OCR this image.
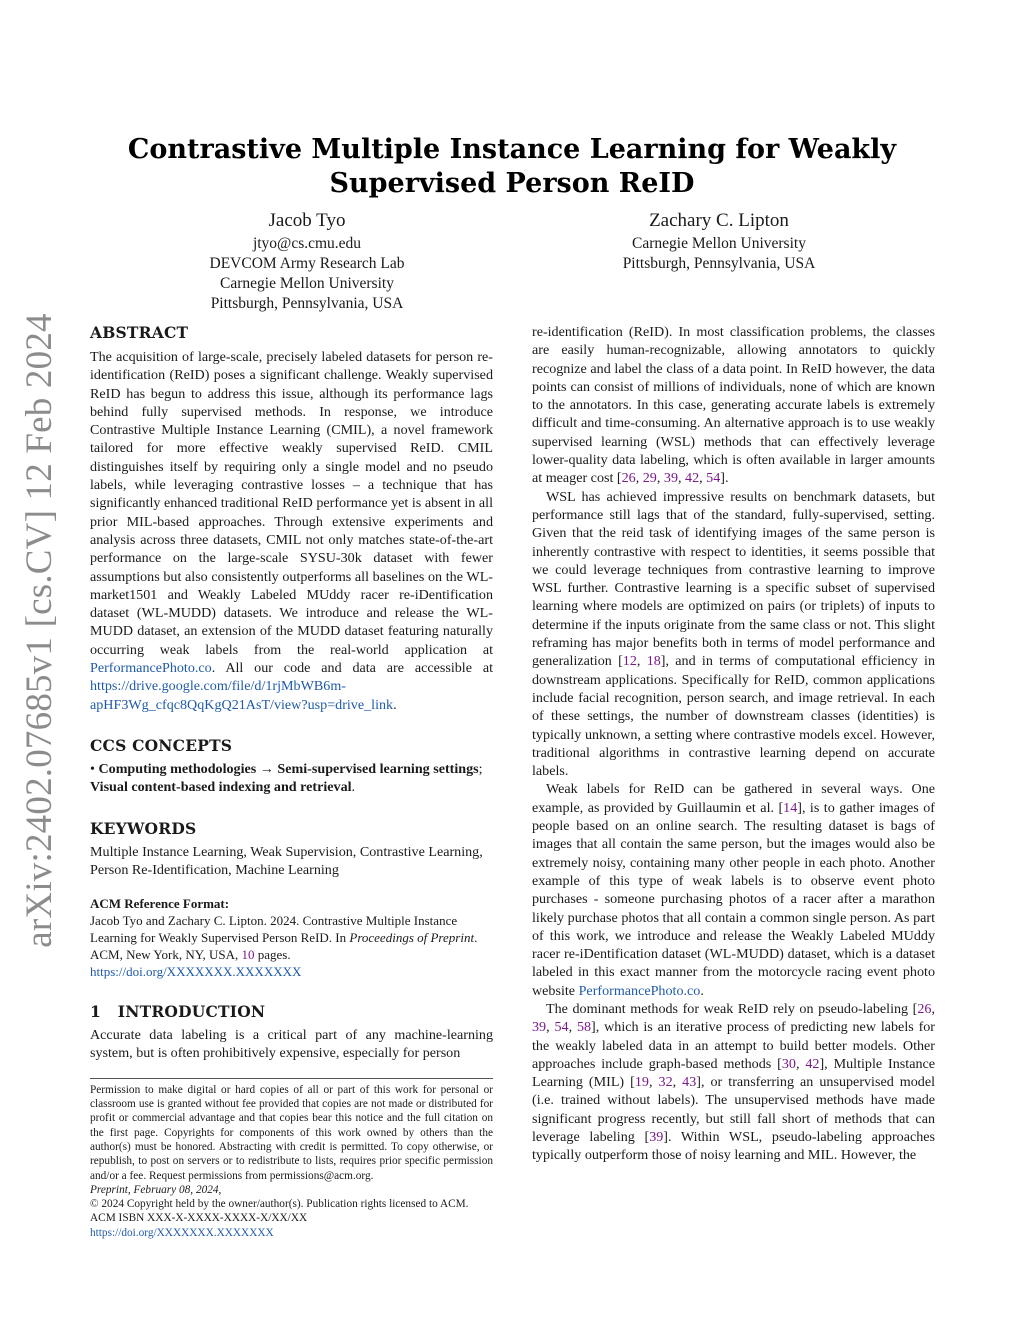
arXiv:2402.07685v1 [cs.CV] 12 Feb 2024
Contrastive Multiple Instance Learning for Weakly Supervised Person ReID
Jacob Tyo
jtyo@cs.cmu.edu
DEVCOM Army Research Lab
Carnegie Mellon University
Pittsburgh, Pennsylvania, USA
Zachary C. Lipton
Carnegie Mellon University
Pittsburgh, Pennsylvania, USA
ABSTRACT

The acquisition of large-scale, precisely labeled datasets for person re-identification (ReID) poses a significant challenge. Weakly supervised ReID has begun to address this issue, although its performance lags behind fully supervised methods. In response, we introduce Contrastive Multiple Instance Learning (CMIL), a novel framework tailored for more effective weakly supervised ReID. CMIL distinguishes itself by requiring only a single model and no pseudo labels, while leveraging contrastive losses – a technique that has significantly enhanced traditional ReID performance yet is absent in all prior MIL-based approaches. Through extensive experiments and analysis across three datasets, CMIL not only matches state-of-the-art performance on the large-scale SYSU-30k dataset with fewer assumptions but also consistently outperforms all baselines on the WL-market1501 and Weakly Labeled MUddy racer re-iDentification dataset (WL-MUDD) datasets. We introduce and release the WL-MUDD dataset, an extension of the MUDD dataset featuring naturally occurring weak labels from the real-world application at PerformancePhoto.co. All our code and data are accessible at https://drive.google.com/file/d/1rjMbWB6m-apHF3Wg_cfqc8QqKgQ21AsT/view?usp=drive_link.

CCS CONCEPTS

• Computing methodologies → Semi-supervised learning settings; Visual content-based indexing and retrieval.

KEYWORDS

Multiple Instance Learning, Weak Supervision, Contrastive Learning, Person Re-Identification, Machine Learning

ACM Reference Format:

Jacob Tyo and Zachary C. Lipton. 2024. Contrastive Multiple Instance Learning for Weakly Supervised Person ReID. In Proceedings of Preprint. ACM, New York, NY, USA, 10 pages. https://doi.org/XXXXXXX.XXXXXXX

1   INTRODUCTION

Accurate data labeling is a critical part of any machine-learning system, but is often prohibitively expensive, especially for person

Permission to make digital or hard copies of all or part of this work for personal or classroom use is granted without fee provided that copies are not made or distributed for profit or commercial advantage and that copies bear this notice and the full citation on the first page. Copyrights for components of this work owned by others than the author(s) must be honored. Abstracting with credit is permitted. To copy otherwise, or republish, to post on servers or to redistribute to lists, requires prior specific permission and/or a fee. Request permissions from permissions@acm.org.

Preprint, February 08, 2024,
© 2024 Copyright held by the owner/author(s). Publication rights licensed to ACM.
ACM ISBN XXX-X-XXXX-XXXX-X/XX/XX
https://doi.org/XXXXXXX.XXXXXXX

re-identification (ReID). In most classification problems, the classes are easily human-recognizable, allowing annotators to quickly recognize and label the class of a data point. In ReID however, the data points can consist of millions of individuals, none of which are known to the annotators. In this case, generating accurate labels is extremely difficult and time-consuming. An alternative approach is to use weakly supervised learning (WSL) methods that can effectively leverage lower-quality data labeling, which is often available in larger amounts at meager cost [26, 29, 39, 42, 54].

WSL has achieved impressive results on benchmark datasets, but performance still lags that of the standard, fully-supervised, setting. Given that the reid task of identifying images of the same person is inherently contrastive with respect to identities, it seems possible that we could leverage techniques from contrastive learning to improve WSL further. Contrastive learning is a specific subset of supervised learning where models are optimized on pairs (or triplets) of inputs to determine if the inputs originate from the same class or not. This slight reframing has major benefits both in terms of model performance and generalization [12, 18], and in terms of computational efficiency in downstream applications. Specifically for ReID, common applications include facial recognition, person search, and image retrieval. In each of these settings, the number of downstream classes (identities) is typically unknown, a setting where contrastive models excel. However, traditional algorithms in contrastive learning depend on accurate labels.

Weak labels for ReID can be gathered in several ways. One example, as provided by Guillaumin et al. [14], is to gather images of people based on an online search. The resulting dataset is bags of images that all contain the same person, but the images would also be extremely noisy, containing many other people in each photo. Another example of this type of weak labels is to observe event photo purchases - someone purchasing photos of a racer after a marathon likely purchase photos that all contain a common single person. As part of this work, we introduce and release the Weakly Labeled MUddy racer re-iDentification dataset (WL-MUDD) dataset, which is a dataset labeled in this exact manner from the motorcycle racing event photo website PerformancePhoto.co.

The dominant methods for weak ReID rely on pseudo-labeling [26, 39, 54, 58], which is an iterative process of predicting new labels for the weakly labeled data in an attempt to build better models. Other approaches include graph-based methods [30, 42], Multiple Instance Learning (MIL) [19, 32, 43], or transferring an unsupervised model (i.e. trained without labels). The unsupervised methods have made significant progress recently, but still fall short of methods that can leverage labeling [39]. Within WSL, pseudo-labeling approaches typically outperform those of noisy learning and MIL. However, the
